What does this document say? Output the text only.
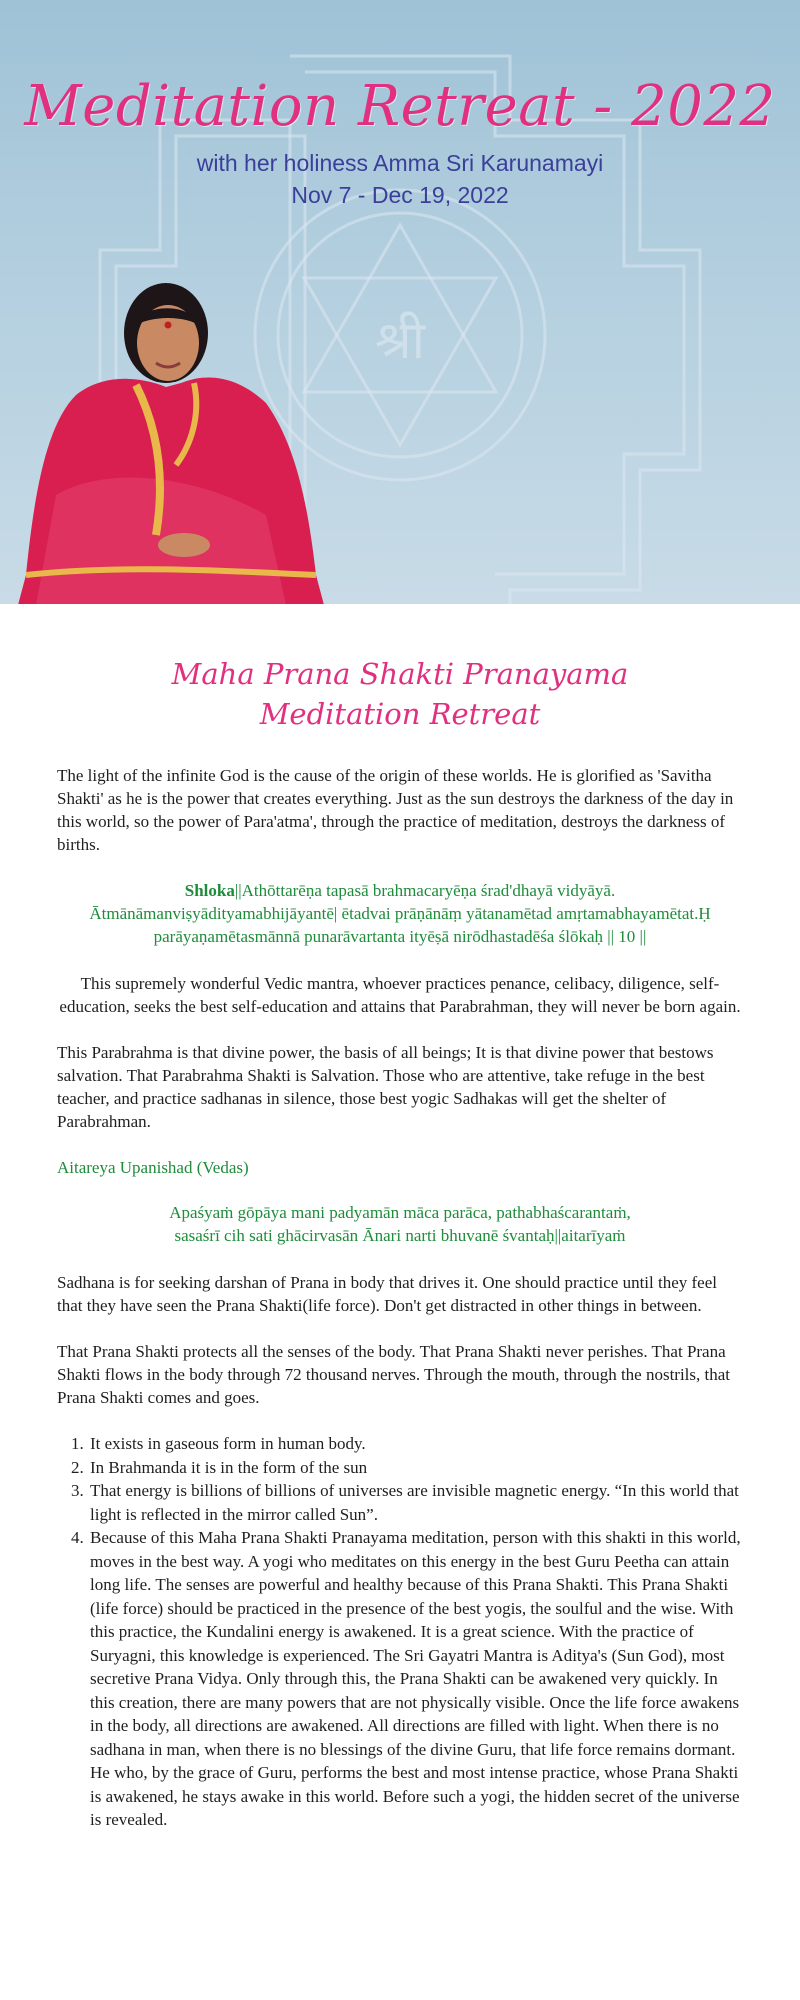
श्री
Meditation Retreat - 2022
with her holiness Amma Sri Karunamayi
Nov 7 - Dec 19, 2022
Maha Prana Shakti Pranayama
Meditation Retreat

The light of the infinite God is the cause of the origin of these worlds. He is glorified as 'Savitha Shakti' as he is the power that creates everything. Just as the sun destroys the darkness of the day in this world, so the power of Para'atma', through the practice of meditation, destroys the darkness of births.

Shloka||Athōttarēṇa tapasā brahmacaryēṇa śrad'dhayā vidyāyā. Ātmānāmanviṣyādityamabhijāyantē| ētadvai prāṇānāṃ yātanamētad amṛtamabhayamētat.Ḥ parāyaṇamētasmānnā punarāvartanta ityēṣā nirōdhastadēśa ślōkaḥ || 10 ||

This supremely wonderful Vedic mantra, whoever practices penance, celibacy, diligence, self-education, seeks the best self-education and attains that Parabrahman, they will never be born again.

This Parabrahma is that divine power, the basis of all beings; It is that divine power that bestows salvation. That Parabrahma Shakti is Salvation. Those who are attentive, take refuge in the best teacher, and practice sadhanas in silence, those best yogic Sadhakas will get the shelter of Parabrahman.

Aitareya Upanishad (Vedas)

Apaśyaṁ gōpāya mani padyamān māca parāca, pathabhaścarantaṁ,
sasaśrī cih sati ghācirvasān Ānari narti bhuvanē śvantaḥ||aitarīyaṁ

Sadhana is for seeking darshan of Prana in body that drives it. One should practice until they feel that they have seen the Prana Shakti(life force). Don't get distracted in other things in between.

That Prana Shakti protects all the senses of the body. That Prana Shakti never perishes. That Prana Shakti flows in the body through 72 thousand nerves. Through the mouth, through the nostrils, that Prana Shakti comes and goes.

1. It exists in gaseous form in human body.
2. In Brahmanda it is in the form of the sun
3. That energy is billions of billions of universes are invisible magnetic energy. “In this world that light is reflected in the mirror called Sun”.
4. Because of this Maha Prana Shakti Pranayama meditation, person with this shakti in this world, moves in the best way. A yogi who meditates on this energy in the best Guru Peetha can attain long life. The senses are powerful and healthy because of this Prana Shakti. This Prana Shakti (life force) should be practiced in the presence of the best yogis, the soulful and the wise. With this practice, the Kundalini energy is awakened. It is a great science. With the practice of Suryagni, this knowledge is experienced. The Sri Gayatri Mantra is Aditya's (Sun God), most secretive Prana Vidya. Only through this, the Prana Shakti can be awakened very quickly. In this creation, there are many powers that are not physically visible. Once the life force awakens in the body, all directions are awakened. All directions are filled with light. When there is no sadhana in man, when there is no blessings of the divine Guru, that life force remains dormant. He who, by the grace of Guru, performs the best and most intense practice, whose Prana Shakti is awakened, he stays awake in this world. Before such a yogi, the hidden secret of the universe is revealed.
